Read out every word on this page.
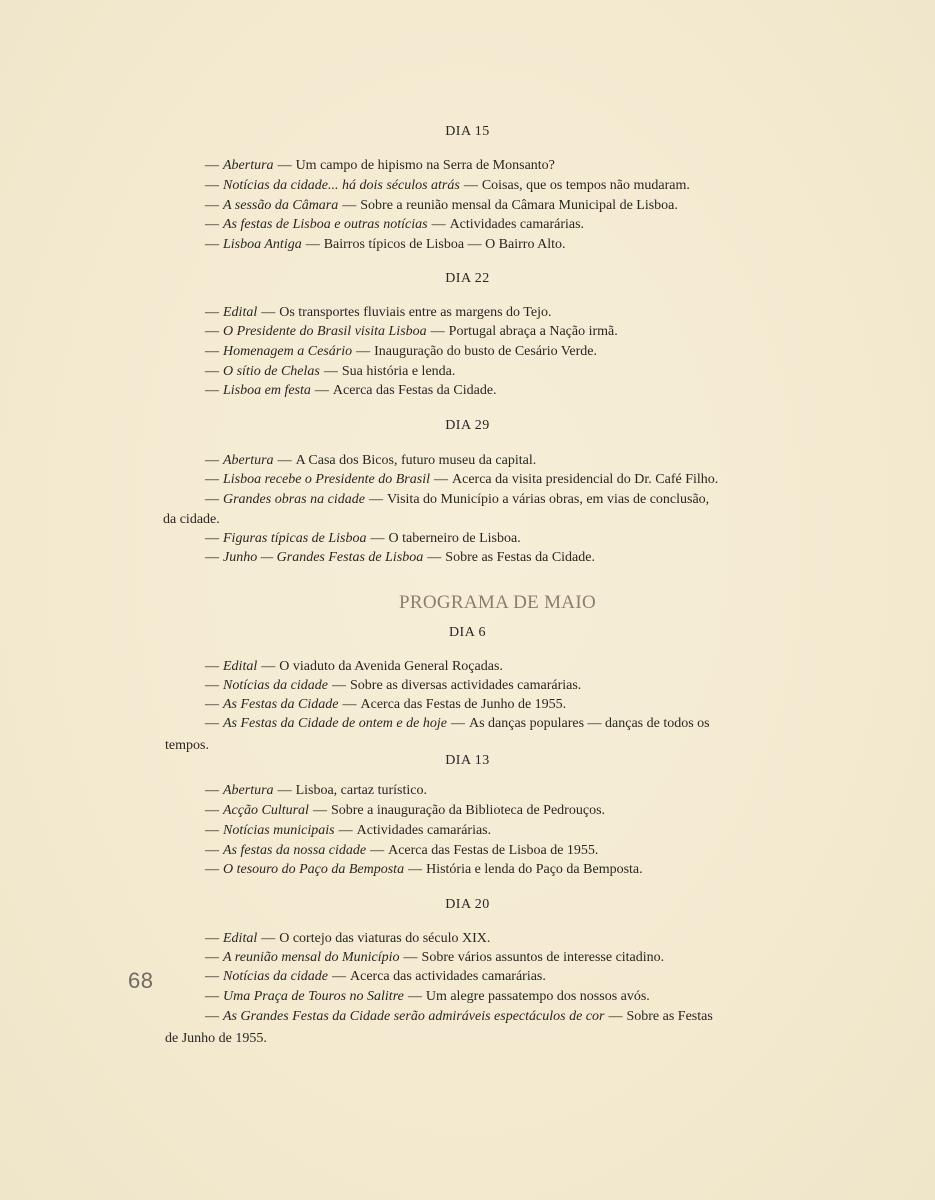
DIA 15
— Abertura — Um campo de hipismo na Serra de Monsanto?
— Notícias da cidade... há dois séculos atrás — Coisas, que os tempos não mudaram.
— A sessão da Câmara — Sobre a reunião mensal da Câmara Municipal de Lisboa.
— As festas de Lisboa e outras notícias — Actividades camarárias.
— Lisboa Antiga — Bairros típicos de Lisboa — O Bairro Alto.
DIA 22
— Edital — Os transportes fluviais entre as margens do Tejo.
— O Presidente do Brasil visita Lisboa — Portugal abraça a Nação irmã.
— Homenagem a Cesário — Inauguração do busto de Cesário Verde.
— O sítio de Chelas — Sua história e lenda.
— Lisboa em festa — Acerca das Festas da Cidade.
DIA 29
— Abertura — A Casa dos Bicos, futuro museu da capital.
— Lisboa recebe o Presidente do Brasil — Acerca da visita presidencial do Dr. Café Filho.
— Grandes obras na cidade — Visita do Município a várias obras, em vias de conclusão,
da cidade.
— Figuras típicas de Lisboa — O taberneiro de Lisboa.
— Junho — Grandes Festas de Lisboa — Sobre as Festas da Cidade.
PROGRAMA DE MAIO
DIA 6
— Edital — O viaduto da Avenida General Roçadas.
— Notícias da cidade — Sobre as diversas actividades camarárias.
— As Festas da Cidade — Acerca das Festas de Junho de 1955.
— As Festas da Cidade de ontem e de hoje — As danças populares — danças de todos os
tempos.
DIA 13
— Abertura — Lisboa, cartaz turístico.
— Acção Cultural — Sobre a inauguração da Biblioteca de Pedrouços.
— Notícias municipais — Actividades camarárias.
— As festas da nossa cidade — Acerca das Festas de Lisboa de 1955.
— O tesouro do Paço da Bemposta — História e lenda do Paço da Bemposta.
DIA 20
— Edital — O cortejo das viaturas do século XIX.
— A reunião mensal do Município — Sobre vários assuntos de interesse citadino.
— Notícias da cidade — Acerca das actividades camarárias.
— Uma Praça de Touros no Salitre — Um alegre passatempo dos nossos avós.
— As Grandes Festas da Cidade serão admiráveis espectáculos de cor — Sobre as Festas
de Junho de 1955.
68
